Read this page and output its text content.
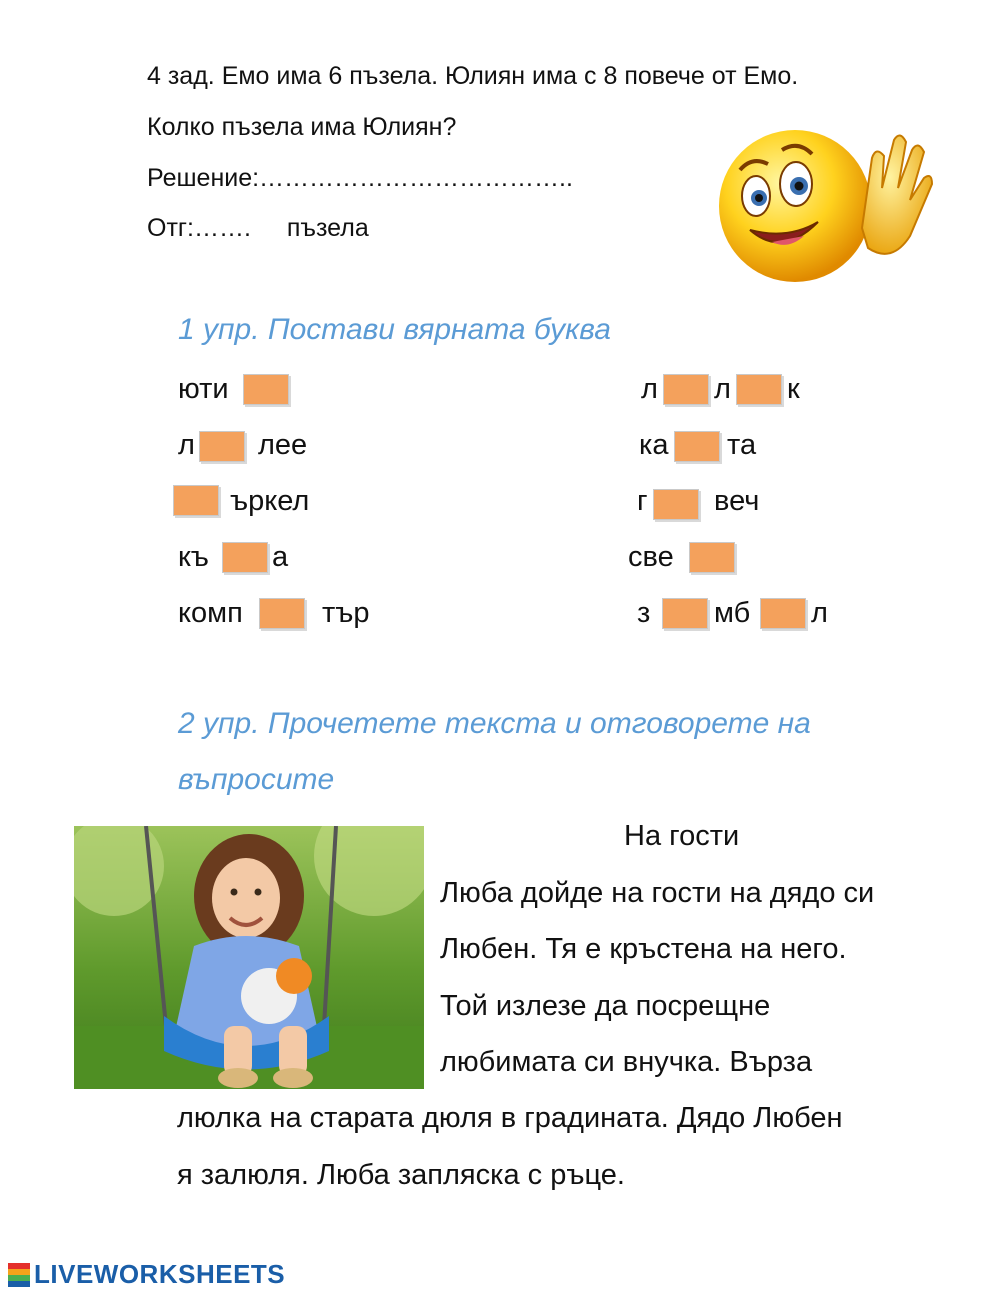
4 зад. Емо има 6 пъзела. Юлиян има с 8 повече от Емо.
Колко пъзела има Юлиян?
Решение:………………………………..
Отг:……. пъзела
1 упр. Постави вярната буква
юти
л лее
ъркел
къ а
комп	тър
л л к
ка та
г веч
све
з мб л
2 упр. Прочетете текста и отговорете на
въпросите
На гости
Люба дойде на гости на дядо си
Любен. Тя е кръстена на него.
Той излезе да посрещне
любимата си внучка. Върза
люлка на старата дюля в градината. Дядо Любен
я залюля. Люба запляска с ръце.
LIVEWORKSHEETS
